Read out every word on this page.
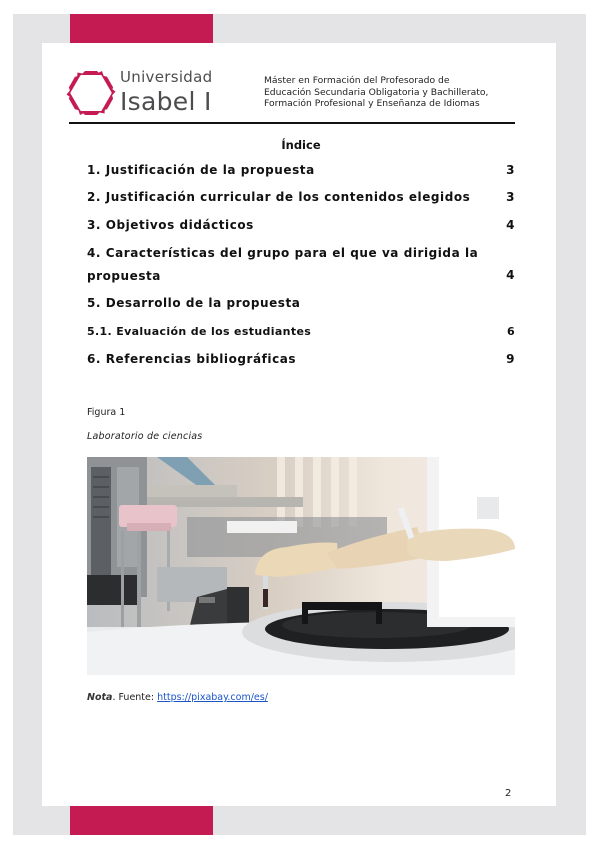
Universidad
Isabel I
Máster en Formación del Profesorado de
Educación Secundaria Obligatoria y Bachillerato,
Formación Profesional y Enseñanza de Idiomas
Índice
1. Justificación de la propuesta	3
2. Justificación curricular de los contenidos elegidos	3
3. Objetivos didácticos	4
4. Características del grupo para el que va dirigida la
propuesta	4
5. Desarrollo de la propuesta
5.1. Evaluación de los estudiantes	6
6. Referencias bibliográficas	9
Figura 1
Laboratorio de ciencias
Nota. Fuente: https://pixabay.com/es/
2
